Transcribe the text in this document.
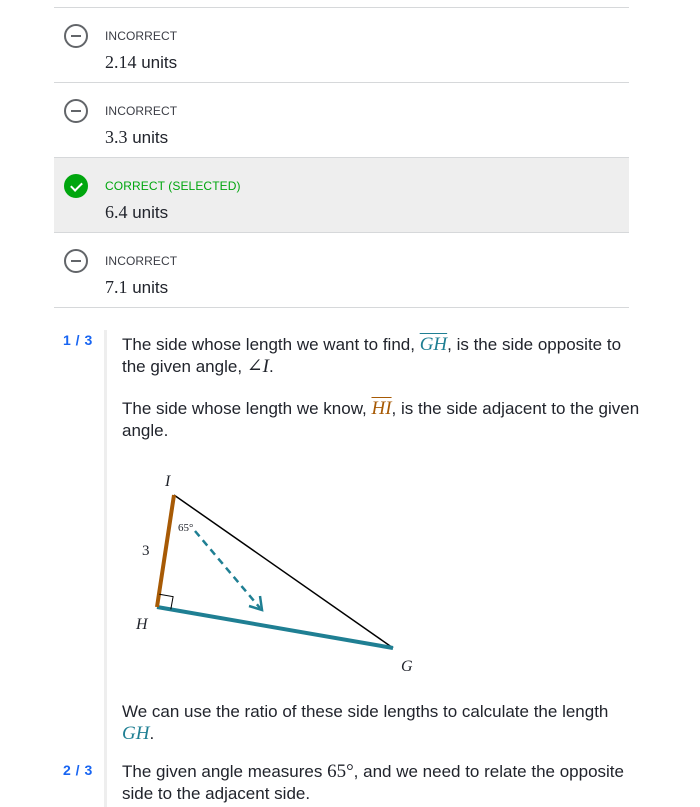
INCORRECT
2.14 units
INCORRECT
3.3 units
CORRECT (SELECTED)
6.4 units
INCORRECT
7.1 units
1 / 3
2 / 3
The side whose length we want to find, $\overline{GH}$, is the side opposite to the given angle, ∠I.
The side whose length we know, $\overline{HI}$, is the side adjacent to the given angle.
I
H
G
3
65°
We can use the ratio of these side lengths to calculate the length GH.
The given angle measures 65°, and we need to relate the opposite side to the adjacent side.
